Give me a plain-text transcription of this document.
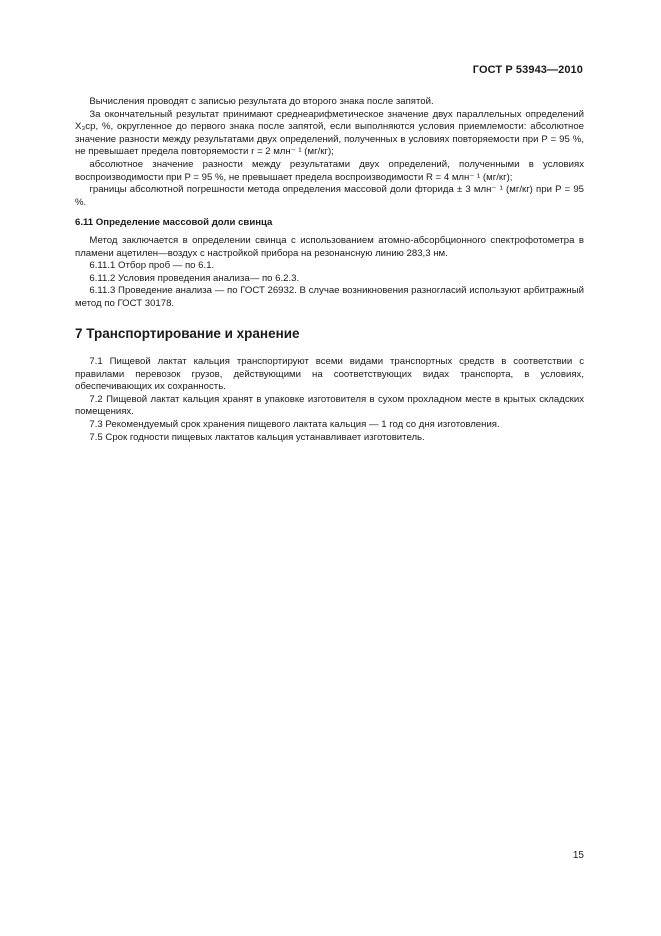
ГОСТ Р 53943—2010

Вычисления проводят с записью результата до второго знака после запятой.

За окончательный результат принимают среднеарифметическое значение двух параллельных определений X₃ср, %, округленное до первого знака после запятой, если выполняются условия приемлемости: абсолютное значение разности между результатами двух определений, полученных в условиях повторяемости при P = 95 %, не превышает предела повторяемости r = 2 млн⁻ ¹ (мг/кг);

абсолютное значение разности между результатами двух определений, полученными в условиях воспроизводимости при P = 95 %, не превышает предела воспроизводимости R = 4 млн⁻ ¹ (мг/кг);

границы абсолютной погрешности метода определения массовой доли фторида ± 3 млн⁻ ¹ (мг/кг) при P = 95 %.

6.11 Определение массовой доли свинца

Метод заключается в определении свинца с использованием атомно-абсорбционного спектрофотометра в пламени ацетилен—воздух с настройкой прибора на резонансную линию 283,3 нм.

6.11.1 Отбор проб — по 6.1.

6.11.2 Условия проведения анализа— по 6.2.3.

6.11.3 Проведение анализа — по ГОСТ 26932. В случае возникновения разногласий используют арбитражный метод по ГОСТ 30178.

7 Транспортирование и хранение

7.1 Пищевой лактат кальция транспортируют всеми видами транспортных средств в соответствии с правилами перевозок грузов, действующими на соответствующих видах транспорта, в условиях, обеспечивающих их сохранность.

7.2 Пищевой лактат кальция хранят в упаковке изготовителя в сухом прохладном месте в крытых складских помещениях.

7.3 Рекомендуемый срок хранения пищевого лактата кальция — 1 год со дня изготовления.

7.5 Срок годности пищевых лактатов кальция устанавливает изготовитель.

15
